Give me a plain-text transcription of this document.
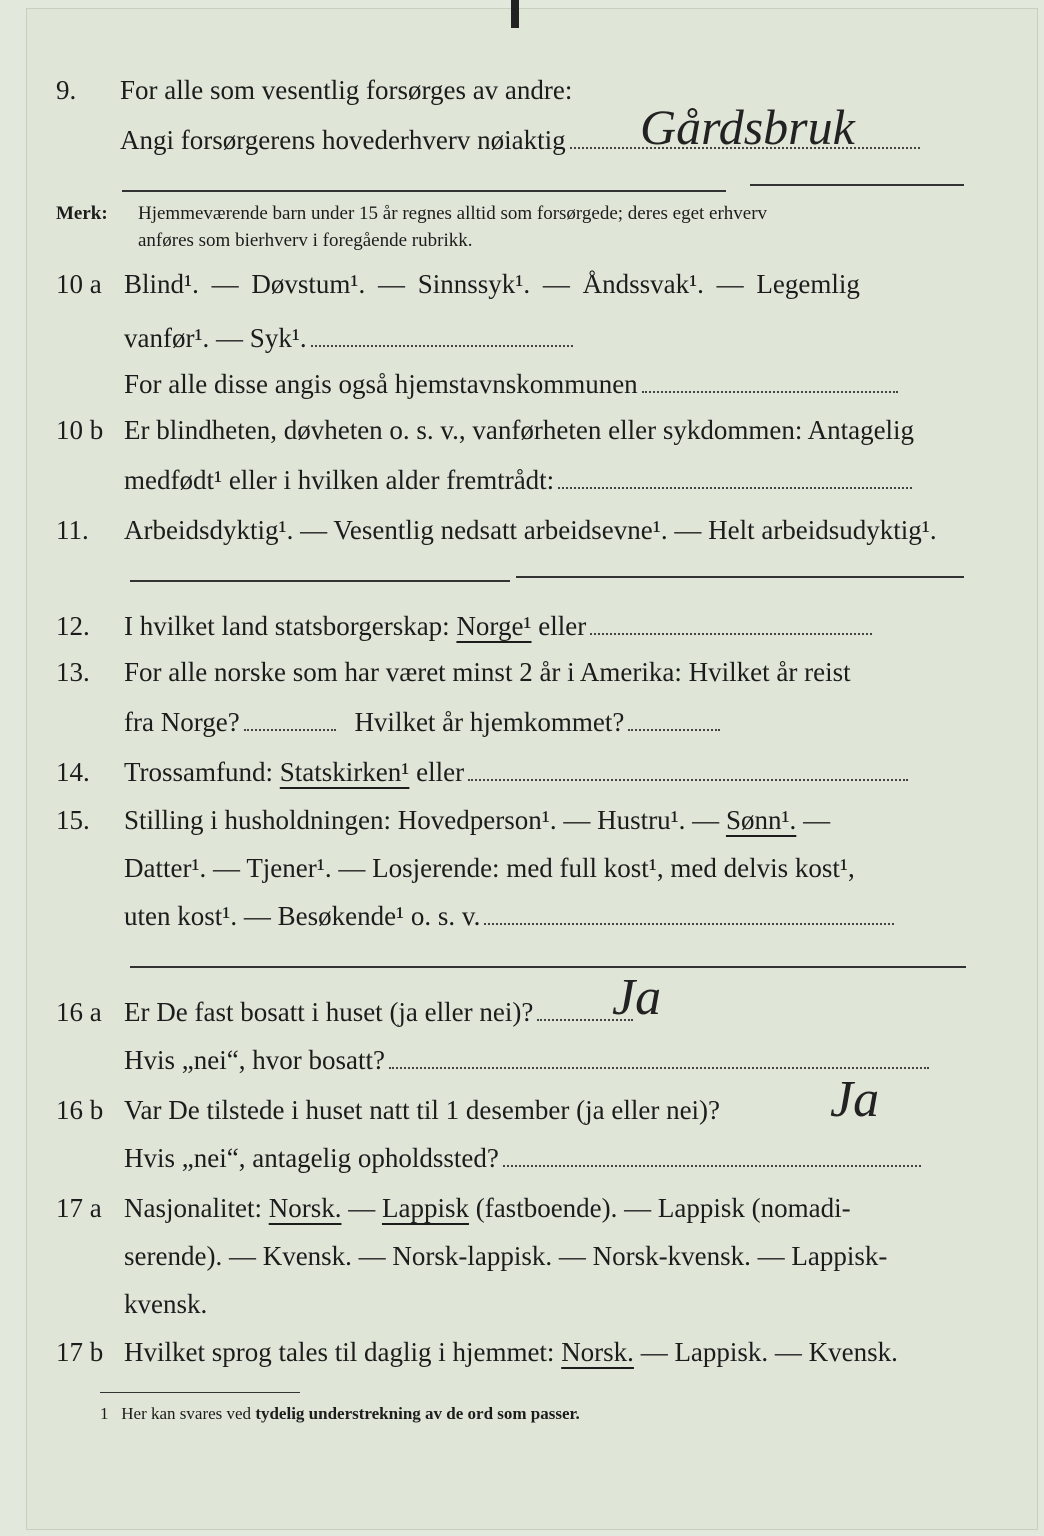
9. For alle som vesentlig forsørges av andre:
Angi forsørgerens hovederhverv nøiaktig	Gårdsbruk
Merk: Hjemmeværende barn under 15 år regnes alltid som forsørgede; deres eget erhverv
anføres som bierhverv i foregående rubrikk.
10 a Blind¹. — Døvstum¹. — Sinnssyk¹. — Åndssvak¹. — Legemlig
vanfør¹. — Syk¹.
For alle disse angis også hjemstavnskommunen
10 b Er blindheten, døvheten o. s. v., vanførheten eller sykdommen: Antagelig
medfødt¹ eller i hvilken alder fremtrådt:
11. Arbeidsdyktig¹. — Vesentlig nedsatt arbeidsevne¹. — Helt arbeidsudyktig¹.
12. I hvilket land statsborgerskap: Norge¹ eller
13. For alle norske som har været minst 2 år i Amerika: Hvilket år reist
fra Norge?	Hvilket år hjemkommet?
14. Trossamfund: Statskirken¹ eller
15. Stilling i husholdningen: Hovedperson¹. — Hustru¹. — Sønn¹. —
Datter¹. — Tjener¹. — Losjerende: med full kost¹, med delvis kost¹,
uten kost¹. — Besøkende¹ o. s. v.
16 a Er De fast bosatt i huset (ja eller nei)?	Ja
Hvis „nei“, hvor bosatt?
16 b Var De tilstede i huset natt til 1 desember (ja eller nei)? Ja
Hvis „nei“, antagelig opholdssted?
17 a Nasjonalitet: Norsk. — Lappisk (fastboende). — Lappisk (nomadi-
serende). — Kvensk. — Norsk-lappisk. — Norsk-kvensk. — Lappisk-
kvensk.
17 b Hvilket sprog tales til daglig i hjemmet: Norsk. — Lappisk. — Kvensk.
1 Her kan svares ved tydelig understrekning av de ord som passer.
